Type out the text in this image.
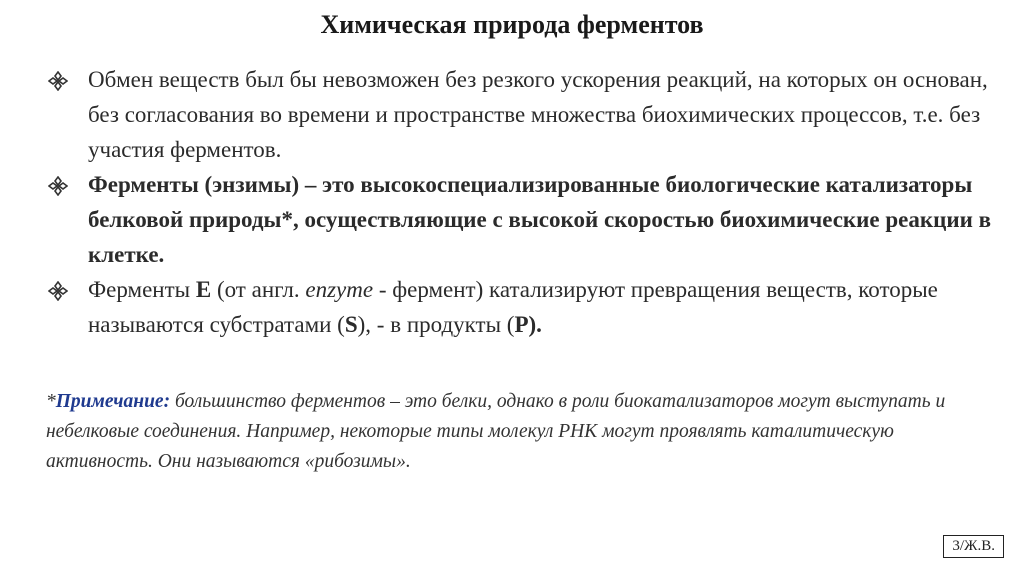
Химическая природа ферментов
Обмен веществ был бы невозможен без резкого ускорения реакций, на которых он основан, без согласования во времени и пространстве множества биохимических процессов, т.е. без участия ферментов.
Ферменты (энзимы) – это высокоспециализированные биологические катализаторы белковой природы*, осуществляющие с высокой скоростью биохимические реакции в клетке.
Ферменты E (от англ. enzyme - фермент) катализируют превращения веществ, которые называются субстратами (S), - в продукты (P).
*Примечание: большинство ферментов – это белки, однако в роли биокатализаторов могут выступать и небелковые соединения. Например, некоторые типы молекул РНК могут проявлять каталитическую активность. Они называются «рибозимы».
3/Ж.В.
